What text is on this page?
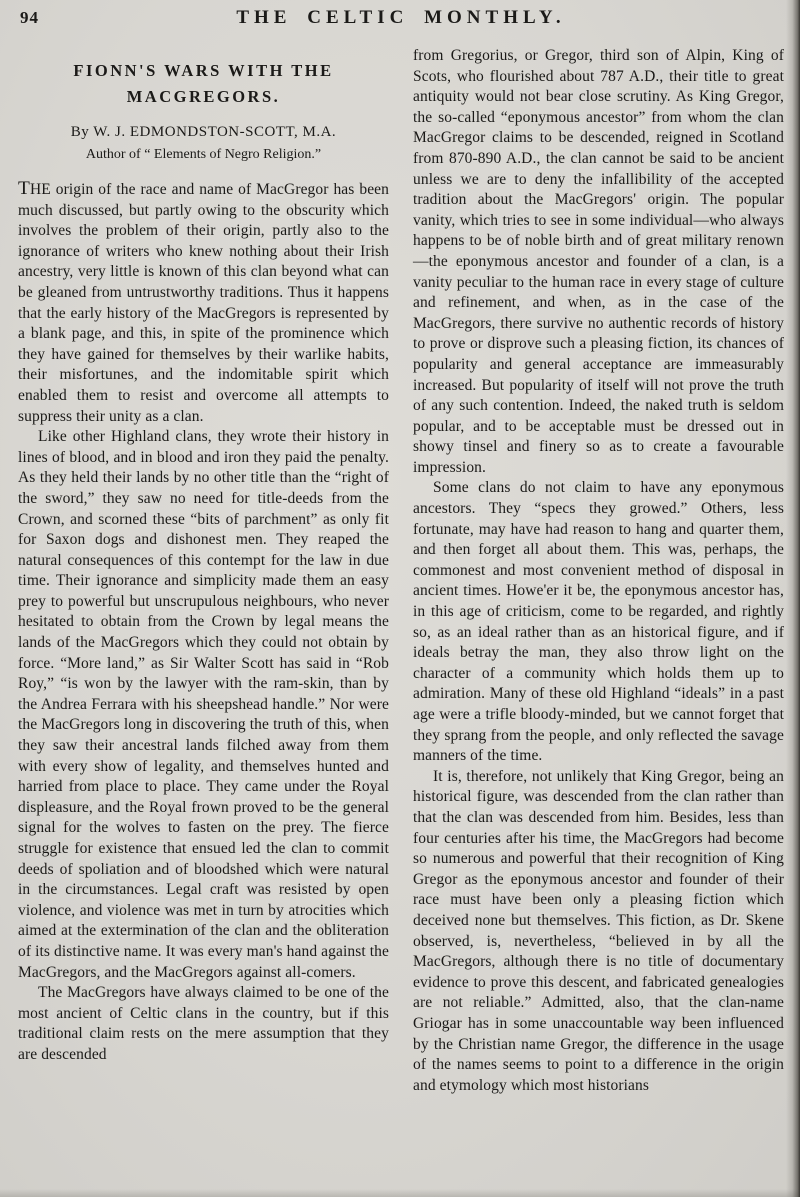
94	THE CELTIC MONTHLY.
FIONN'S WARS WITH THE
MACGREGORS.
By W. J. EDMONDSTON-SCOTT, M.A.
Author of “ Elements of Negro Religion.”

THE origin of the race and name of MacGregor has been much discussed, but partly owing to the obscurity which involves the problem of their origin, partly also to the ignorance of writers who knew nothing about their Irish ancestry, very little is known of this clan beyond what can be gleaned from untrustworthy traditions. Thus it happens that the early history of the MacGregors is represented by a blank page, and this, in spite of the prominence which they have gained for themselves by their warlike habits, their misfortunes, and the indomitable spirit which enabled them to resist and overcome all attempts to suppress their unity as a clan.

Like other Highland clans, they wrote their history in lines of blood, and in blood and iron they paid the penalty. As they held their lands by no other title than the “right of the sword,” they saw no need for title-deeds from the Crown, and scorned these “bits of parchment” as only fit for Saxon dogs and dishonest men. They reaped the natural consequences of this contempt for the law in due time. Their ignorance and simplicity made them an easy prey to powerful but unscrupulous neighbours, who never hesitated to obtain from the Crown by legal means the lands of the MacGregors which they could not obtain by force. “More land,” as Sir Walter Scott has said in “Rob Roy,” “is won by the lawyer with the ram-skin, than by the Andrea Ferrara with his sheepshead handle.” Nor were the MacGregors long in discovering the truth of this, when they saw their ancestral lands filched away from them with every show of legality, and themselves hunted and harried from place to place. They came under the Royal displeasure, and the Royal frown proved to be the general signal for the wolves to fasten on the prey. The fierce struggle for existence that ensued led the clan to commit deeds of spoliation and of bloodshed which were natural in the circumstances. Legal craft was resisted by open violence, and violence was met in turn by atrocities which aimed at the extermination of the clan and the obliteration of its distinctive name. It was every man's hand against the MacGregors, and the MacGregors against all-comers.

The MacGregors have always claimed to be one of the most ancient of Celtic clans in the country, but if this traditional claim rests on the mere assumption that they are descended

from Gregorius, or Gregor, third son of Alpin, King of Scots, who flourished about 787 A.D., their title to great antiquity would not bear close scrutiny. As King Gregor, the so-called “eponymous ancestor” from whom the clan MacGregor claims to be descended, reigned in Scotland from 870-890 A.D., the clan cannot be said to be ancient unless we are to deny the infallibility of the accepted tradition about the MacGregors' origin. The popular vanity, which tries to see in some individual—who always happens to be of noble birth and of great military renown—the eponymous ancestor and founder of a clan, is a vanity peculiar to the human race in every stage of culture and refinement, and when, as in the case of the MacGregors, there survive no authentic records of history to prove or disprove such a pleasing fiction, its chances of popularity and general acceptance are immeasurably increased. But popularity of itself will not prove the truth of any such contention. Indeed, the naked truth is seldom popular, and to be acceptable must be dressed out in showy tinsel and finery so as to create a favourable impression.

Some clans do not claim to have any eponymous ancestors. They “specs they growed.” Others, less fortunate, may have had reason to hang and quarter them, and then forget all about them. This was, perhaps, the commonest and most convenient method of disposal in ancient times. Howe'er it be, the eponymous ancestor has, in this age of criticism, come to be regarded, and rightly so, as an ideal rather than as an historical figure, and if ideals betray the man, they also throw light on the character of a community which holds them up to admiration. Many of these old Highland “ideals” in a past age were a trifle bloody-minded, but we cannot forget that they sprang from the people, and only reflected the savage manners of the time.

It is, therefore, not unlikely that King Gregor, being an historical figure, was descended from the clan rather than that the clan was descended from him. Besides, less than four centuries after his time, the MacGregors had become so numerous and powerful that their recognition of King Gregor as the eponymous ancestor and founder of their race must have been only a pleasing fiction which deceived none but themselves. This fiction, as Dr. Skene observed, is, nevertheless, “believed in by all the MacGregors, although there is no title of documentary evidence to prove this descent, and fabricated genealogies are not reliable.” Admitted, also, that the clan-name Griogar has in some unaccountable way been influenced by the Christian name Gregor, the difference in the usage of the names seems to point to a difference in the origin and etymology which most historians
